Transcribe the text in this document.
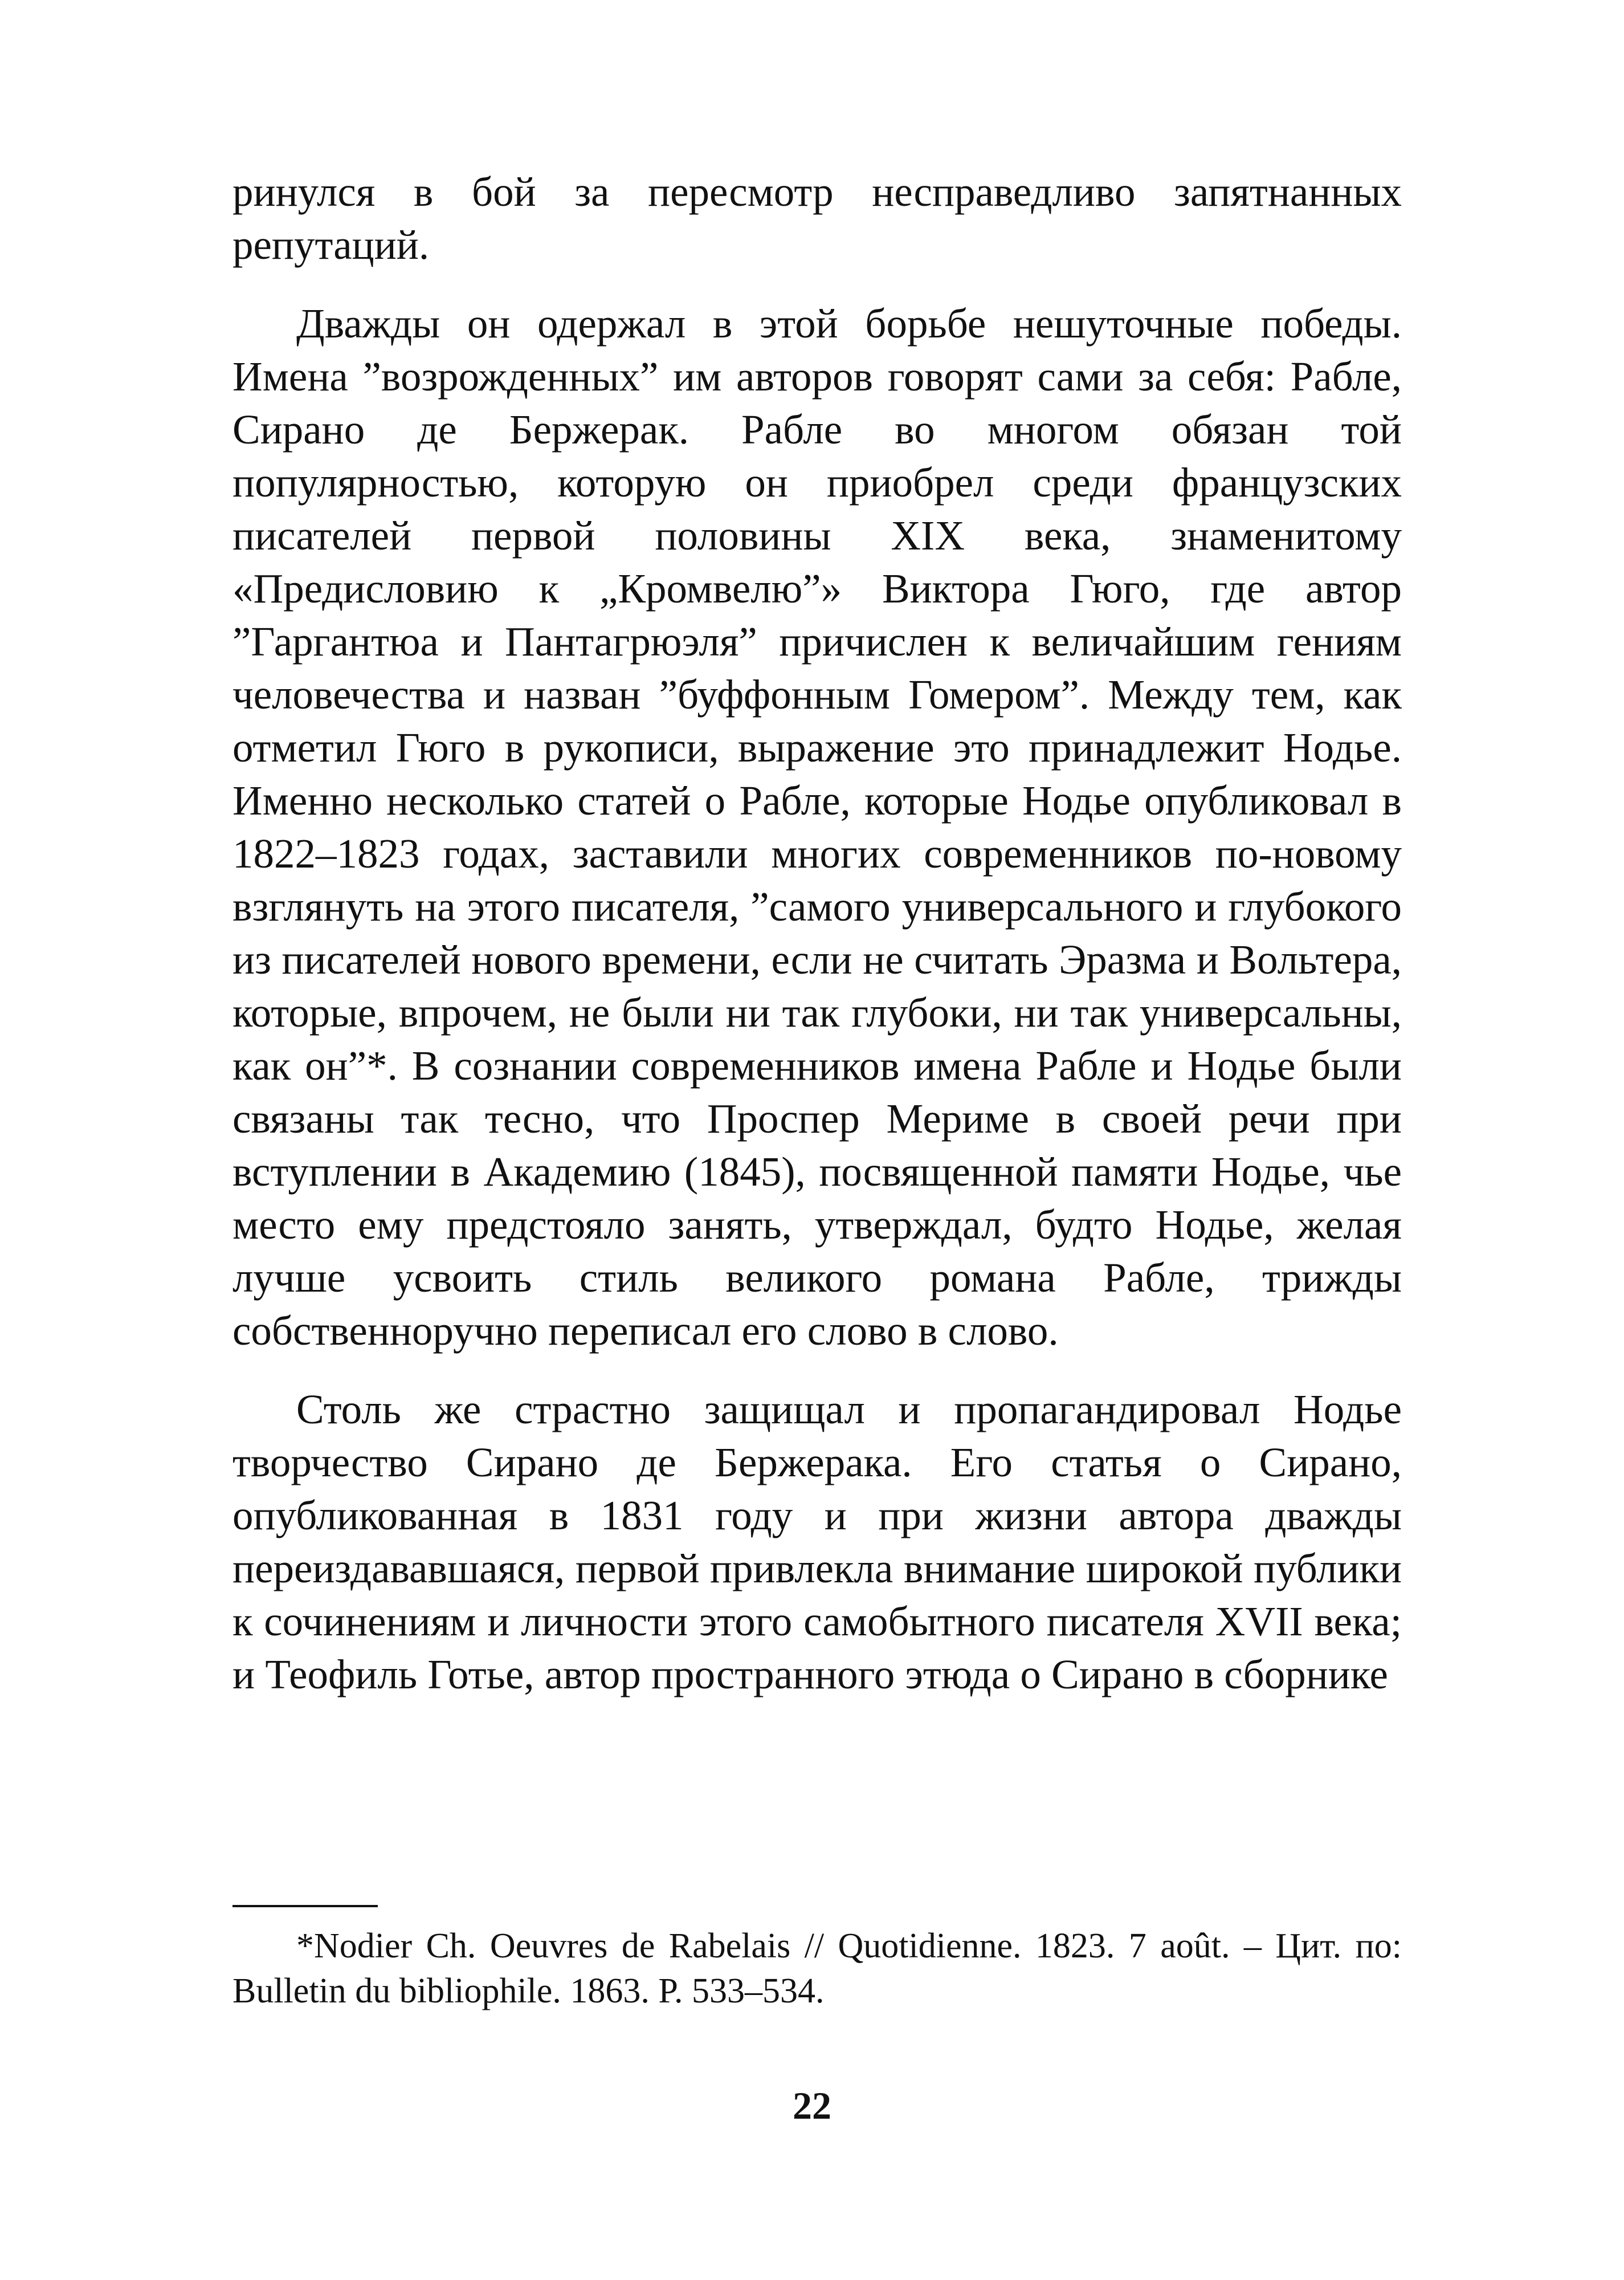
ринулся в бой за пересмотр несправедливо запятнанных репутаций.

Дважды он одержал в этой борьбе нешуточные победы. Имена ”возрожденных” им авторов говорят сами за себя: Рабле, Сирано де Бержерак. Рабле во многом обязан той популярностью, которую он приобрел среди французских писателей первой половины XIX века, знаменитому «Предисловию к „Кромвелю”» Виктора Гюго, где автор ”Гаргантюа и Пантагрюэля” причислен к величайшим гениям человечества и назван ”буффонным Гомером”. Между тем, как отметил Гюго в рукописи, выражение это принадлежит Нодье. Именно несколько статей о Рабле, которые Нодье опубликовал в 1822–1823 годах, заставили многих современников по-новому взглянуть на этого писателя, ”самого универсального и глубокого из писателей нового времени, если не считать Эразма и Вольтера, которые, впрочем, не были ни так глубоки, ни так универсальны, как он”*. В сознании современников имена Рабле и Нодье были связаны так тесно, что Проспер Мериме в своей речи при вступлении в Академию (1845), посвященной памяти Нодье, чье место ему предстояло занять, утверждал, будто Нодье, желая лучше усвоить стиль великого романа Рабле, трижды собственноручно переписал его слово в слово.

Столь же страстно защищал и пропагандировал Нодье творчество Сирано де Бержерака. Его статья о Сирано, опубликованная в 1831 году и при жизни автора дважды переиздававшаяся, первой привлекла внимание широкой публики к сочинениям и личности этого самобытного писателя XVII века; и Теофиль Готье, автор пространного этюда о Сирано в сборнике

*Nodier Ch. Oeuvres de Rabelais // Quotidienne. 1823. 7 août. – Цит. по: Bulletin du bibliophile. 1863. P. 533–534.

22
